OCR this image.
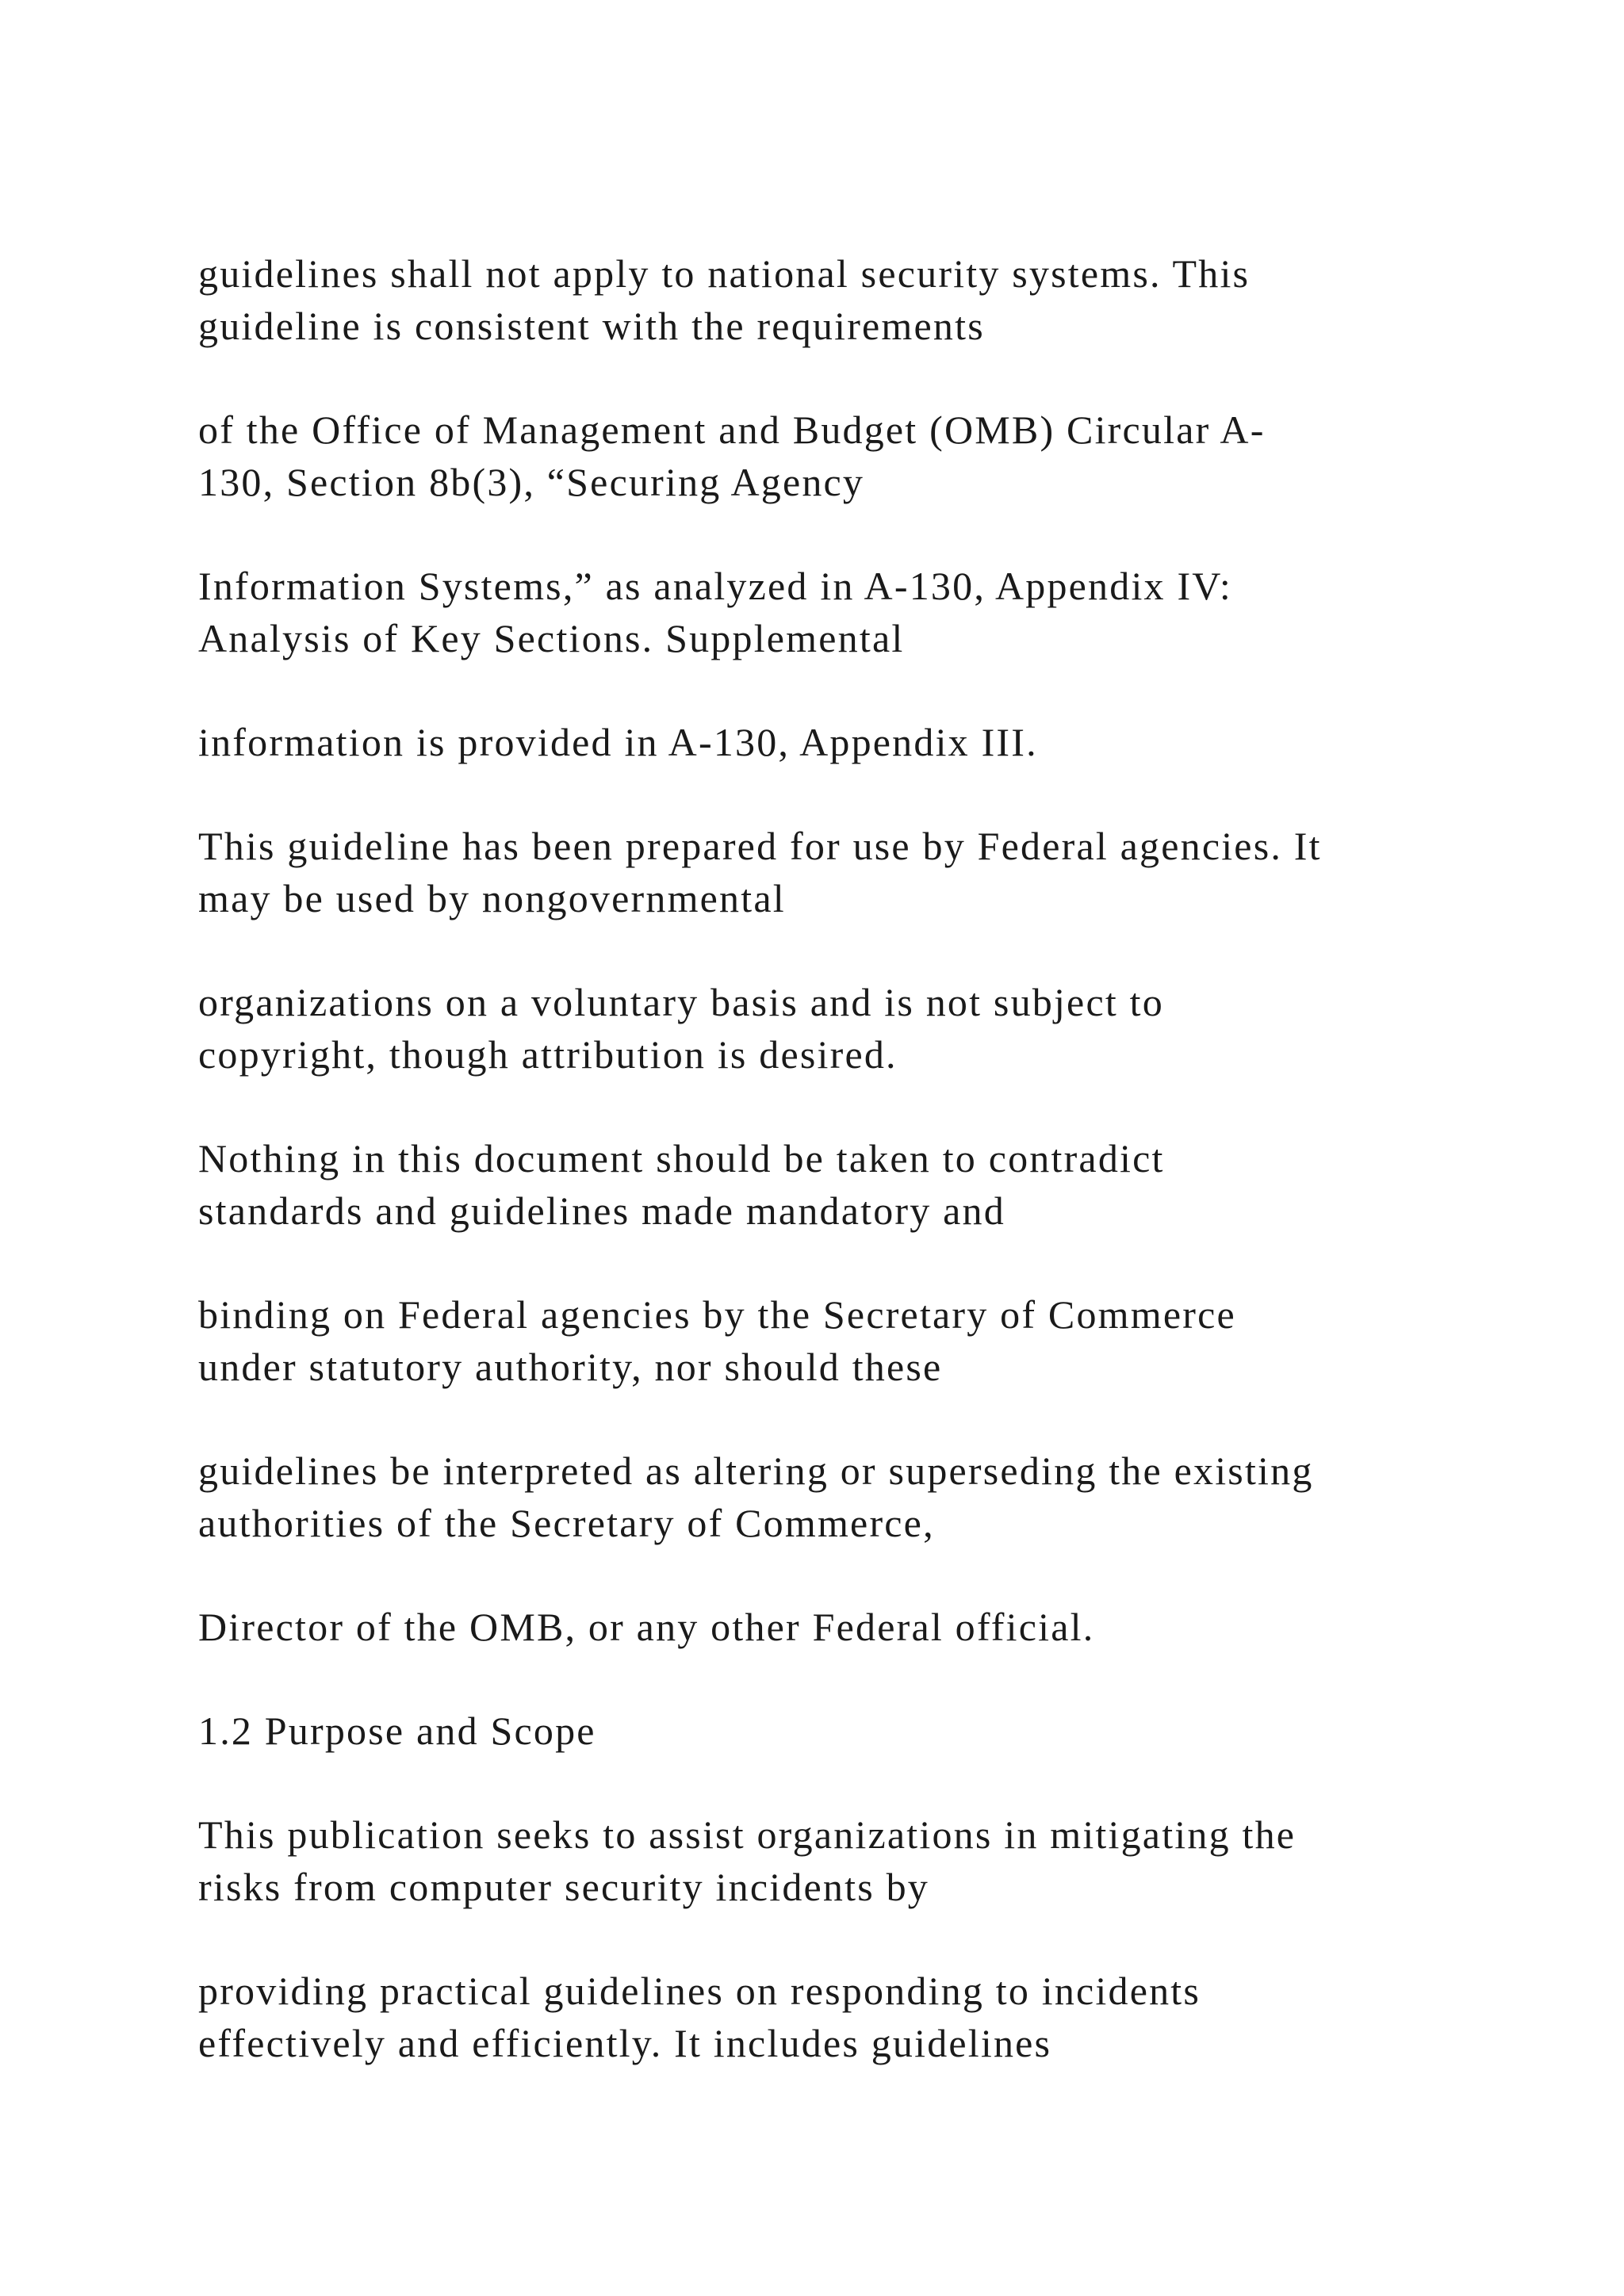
guidelines shall not apply to national security systems. This
guideline is consistent with the requirements

of the Office of Management and Budget (OMB) Circular A-
130, Section 8b(3), “Securing Agency

Information Systems,” as analyzed in A-130, Appendix IV:
Analysis of Key Sections. Supplemental

information is provided in A-130, Appendix III.

This guideline has been prepared for use by Federal agencies. It
may be used by nongovernmental

organizations on a voluntary basis and is not subject to
copyright, though attribution is desired.

Nothing in this document should be taken to contradict
standards and guidelines made mandatory and

binding on Federal agencies by the Secretary of Commerce
under statutory authority, nor should these

guidelines be interpreted as altering or superseding the existing
authorities of the Secretary of Commerce,

Director of the OMB, or any other Federal official.

1.2 Purpose and Scope

This publication seeks to assist organizations in mitigating the
risks from computer security incidents by

providing practical guidelines on responding to incidents
effectively and efficiently. It includes guidelines
